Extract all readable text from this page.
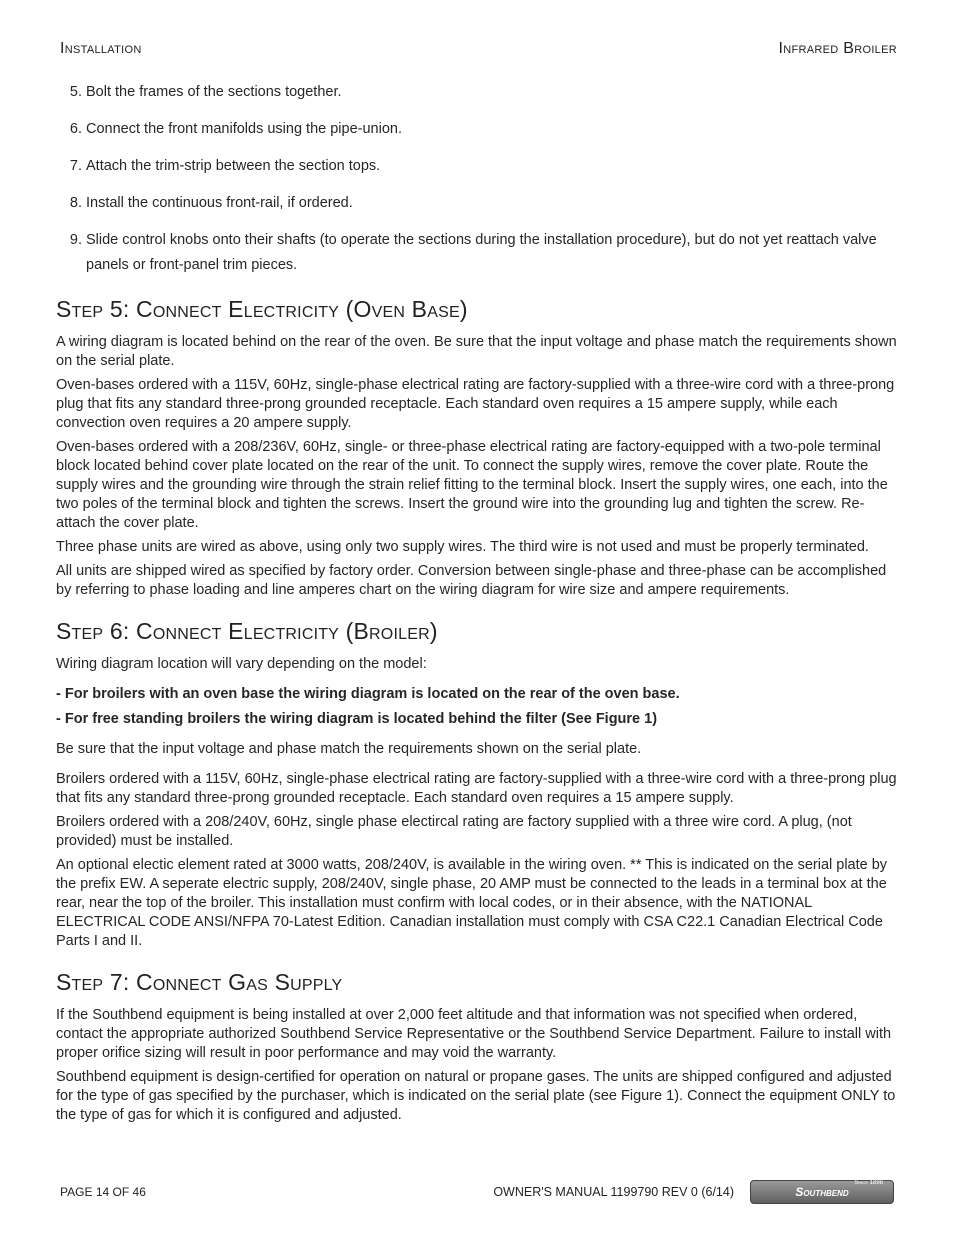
Installation	Infrared Broiler
5. Bolt the frames of the sections together.
6. Connect the front manifolds using the pipe-union.
7. Attach the trim-strip between the section tops.
8. Install the continuous front-rail, if ordered.
9. Slide control knobs onto their shafts (to operate the sections during the installation procedure), but do not yet reattach valve panels or front-panel trim pieces.
Step 5: Connect Electricity (Oven Base)

A wiring diagram is located behind on the rear of the oven. Be sure that the input voltage and phase match the requirements shown on the serial plate.

Oven-bases ordered with a 115V, 60Hz, single-phase electrical rating are factory-supplied with a three-wire cord with a three-prong plug that fits any standard three-prong grounded receptacle. Each standard oven requires a 15 ampere supply, while each convection oven requires a 20 ampere supply.

Oven-bases ordered with a 208/236V, 60Hz, single- or three-phase electrical rating are factory-equipped with a two-pole terminal block located behind cover plate located on the rear of the unit. To connect the supply wires, remove the cover plate. Route the supply wires and the grounding wire through the strain relief fitting to the terminal block. Insert the supply wires, one each, into the two poles of the terminal block and tighten the screws. Insert the ground wire into the grounding lug and tighten the screw. Re-attach the cover plate.

Three phase units are wired as above, using only two supply wires. The third wire is not used and must be properly terminated.

All units are shipped wired as specified by factory order. Conversion between single-phase and three-phase can be accomplished by referring to phase loading and line amperes chart on the wiring diagram for wire size and ampere requirements.

Step 6: Connect Electricity (Broiler)

Wiring diagram location will vary depending on the model:

- For broilers with an oven base the wiring diagram is located on the rear of the oven base.

- For free standing broilers the wiring diagram is located behind the filter (See Figure 1)

Be sure that the input voltage and phase match the requirements shown on the serial plate.

Broilers ordered with a 115V, 60Hz, single-phase electrical rating are factory-supplied with a three-wire cord with a three-prong plug that fits any standard three-prong grounded receptacle. Each standard oven requires a 15 ampere supply.

Broilers ordered with a 208/240V, 60Hz, single phase electircal rating are factory supplied with a three wire cord. A plug, (not provided) must be installed.

An optional electic element rated at 3000 watts, 208/240V, is available in the wiring oven. ** This is indicated on the serial plate by the prefix EW. A seperate electric supply, 208/240V, single phase, 20 AMP must be connected to the leads in a terminal box at the rear, near the top of the broiler. This installation must confirm with local codes, or in their absence, with the NATIONAL ELECTRICAL CODE ANSI/NFPA 70-Latest Edition. Canadian installation must comply with CSA C22.1 Canadian Electrical Code Parts I and II.

Step 7: Connect Gas Supply

If the Southbend equipment is being installed at over 2,000 feet altitude and that information was not specified when ordered, contact the appropriate authorized Southbend Service Representative or the Southbend Service Department. Failure to install with proper orifice sizing will result in poor performance and may void the warranty.

Southbend equipment is design-certified for operation on natural or propane gases. The units are shipped configured and adjusted for the type of gas specified by the purchaser, which is indicated on the serial plate (see Figure 1). Connect the equipment ONLY to the type of gas for which it is configured and adjusted.

PAGE 14 OF 46	OWNER'S MANUAL 1199790 REV 0 (6/14)
Since 1898
Southbend
